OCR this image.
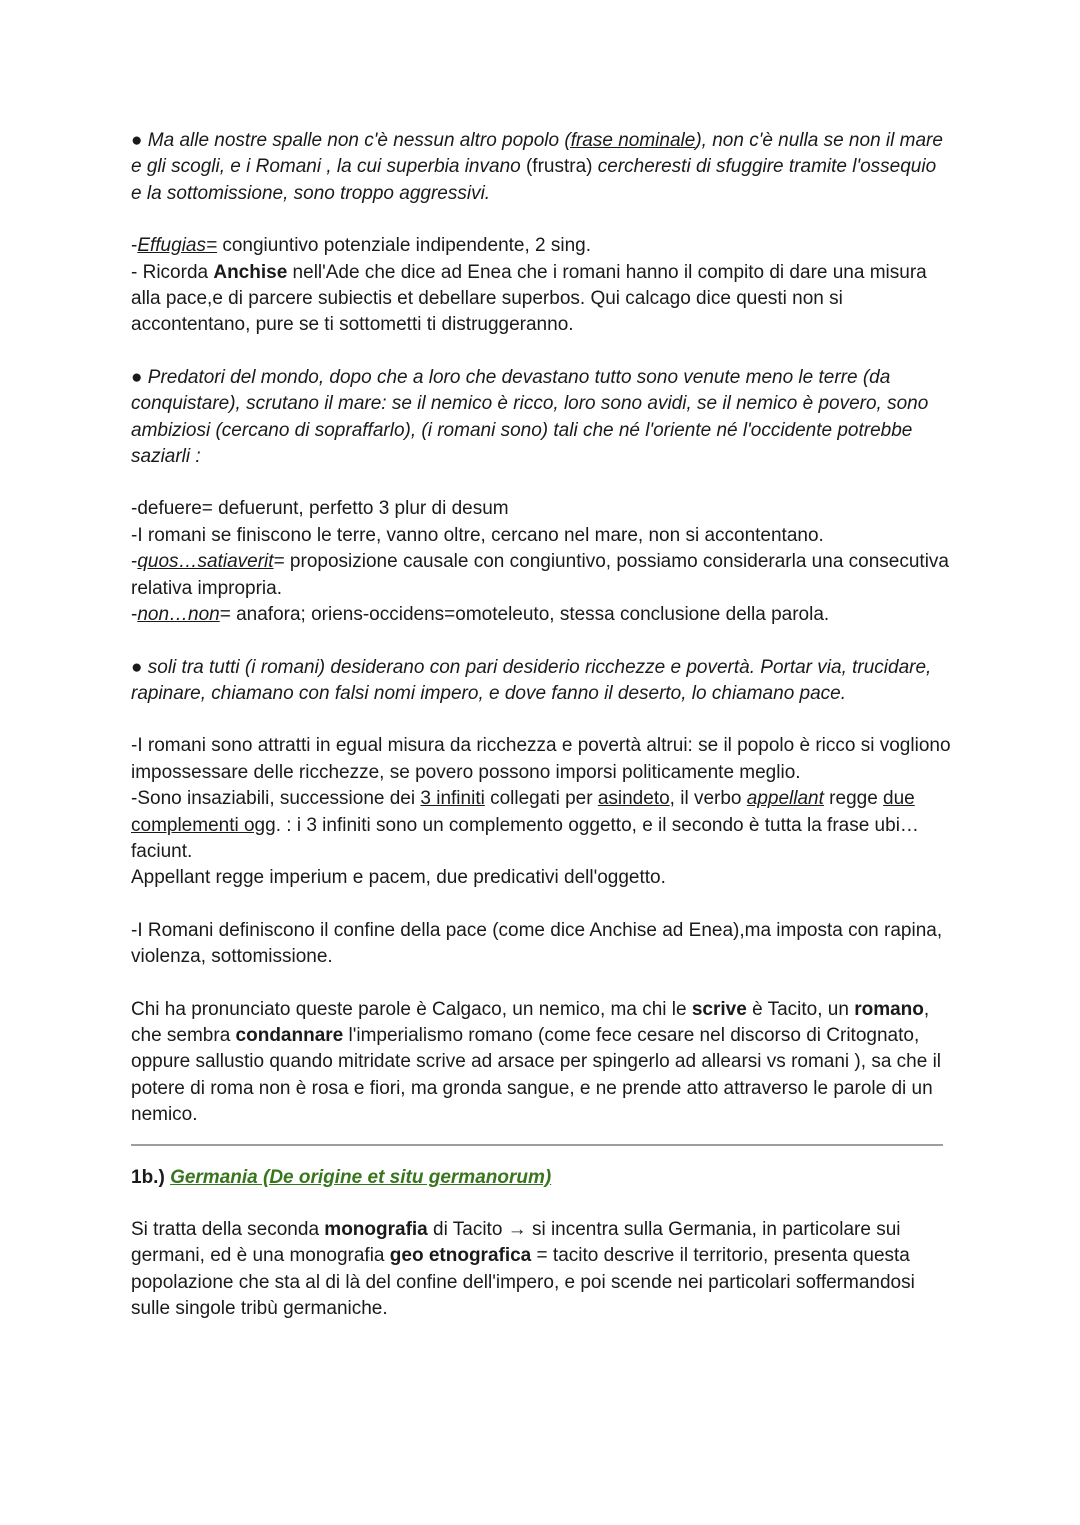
● Ma alle nostre spalle non c'è nessun altro popolo (frase nominale), non c'è nulla se non il mare e gli scogli, e i Romani , la cui superbia invano (frustra) cercheresti di sfuggire tramite l'ossequio e la sottomissione, sono troppo aggressivi.

-Effugias= congiuntivo potenziale indipendente, 2 sing.

- Ricorda Anchise nell'Ade che dice ad Enea che i romani hanno il compito di dare una misura alla pace,e di parcere subiectis et debellare superbos. Qui calcago dice questi non si accontentano, pure se ti sottometti ti distruggeranno.

● Predatori del mondo, dopo che a loro che devastano tutto sono venute meno le terre (da conquistare), scrutano il mare: se il nemico è ricco, loro sono avidi, se il nemico è povero, sono ambiziosi (cercano di sopraffarlo), (i romani sono) tali che né l'oriente né l'occidente potrebbe saziarli :

-defuere= defuerunt, perfetto 3 plur di desum

-I romani se finiscono le terre, vanno oltre, cercano nel mare, non si accontentano.

-quos…satiaverit= proposizione causale con congiuntivo, possiamo considerarla una consecutiva relativa impropria.

-non…non= anafora; oriens-occidens=omoteleuto, stessa conclusione della parola.

● soli tra tutti (i romani) desiderano con pari desiderio ricchezze e povertà. Portar via, trucidare, rapinare, chiamano con falsi nomi impero, e dove fanno il deserto, lo chiamano pace.

-I romani sono attratti in egual misura da ricchezza e povertà altrui: se il popolo è ricco si vogliono impossessare delle ricchezze, se povero possono imporsi politicamente meglio.

-Sono insaziabili, successione dei 3 infiniti collegati per asindeto, il verbo appellant regge due complementi ogg. : i 3 infiniti sono un complemento oggetto, e il secondo è tutta la frase ubi…faciunt.

Appellant regge imperium e pacem, due predicativi dell'oggetto.

-I Romani definiscono il confine della pace (come dice Anchise ad Enea),ma imposta con rapina, violenza, sottomissione.

Chi ha pronunciato queste parole è Calgaco, un nemico, ma chi le scrive è Tacito, un romano, che sembra condannare l'imperialismo romano (come fece cesare nel discorso di Critognato, oppure sallustio quando mitridate scrive ad arsace per spingerlo ad allearsi vs romani ), sa che il potere di roma non è rosa e fiori, ma gronda sangue, e ne prende atto attraverso le parole di un nemico.

1b.) Germania (De origine et situ germanorum)

Si tratta della seconda monografia di Tacito → si incentra sulla Germania, in particolare sui germani, ed è una monografia geo etnografica = tacito descrive il territorio, presenta questa popolazione che sta al di là del confine dell'impero, e poi scende nei particolari soffermandosi sulle singole tribù germaniche.
